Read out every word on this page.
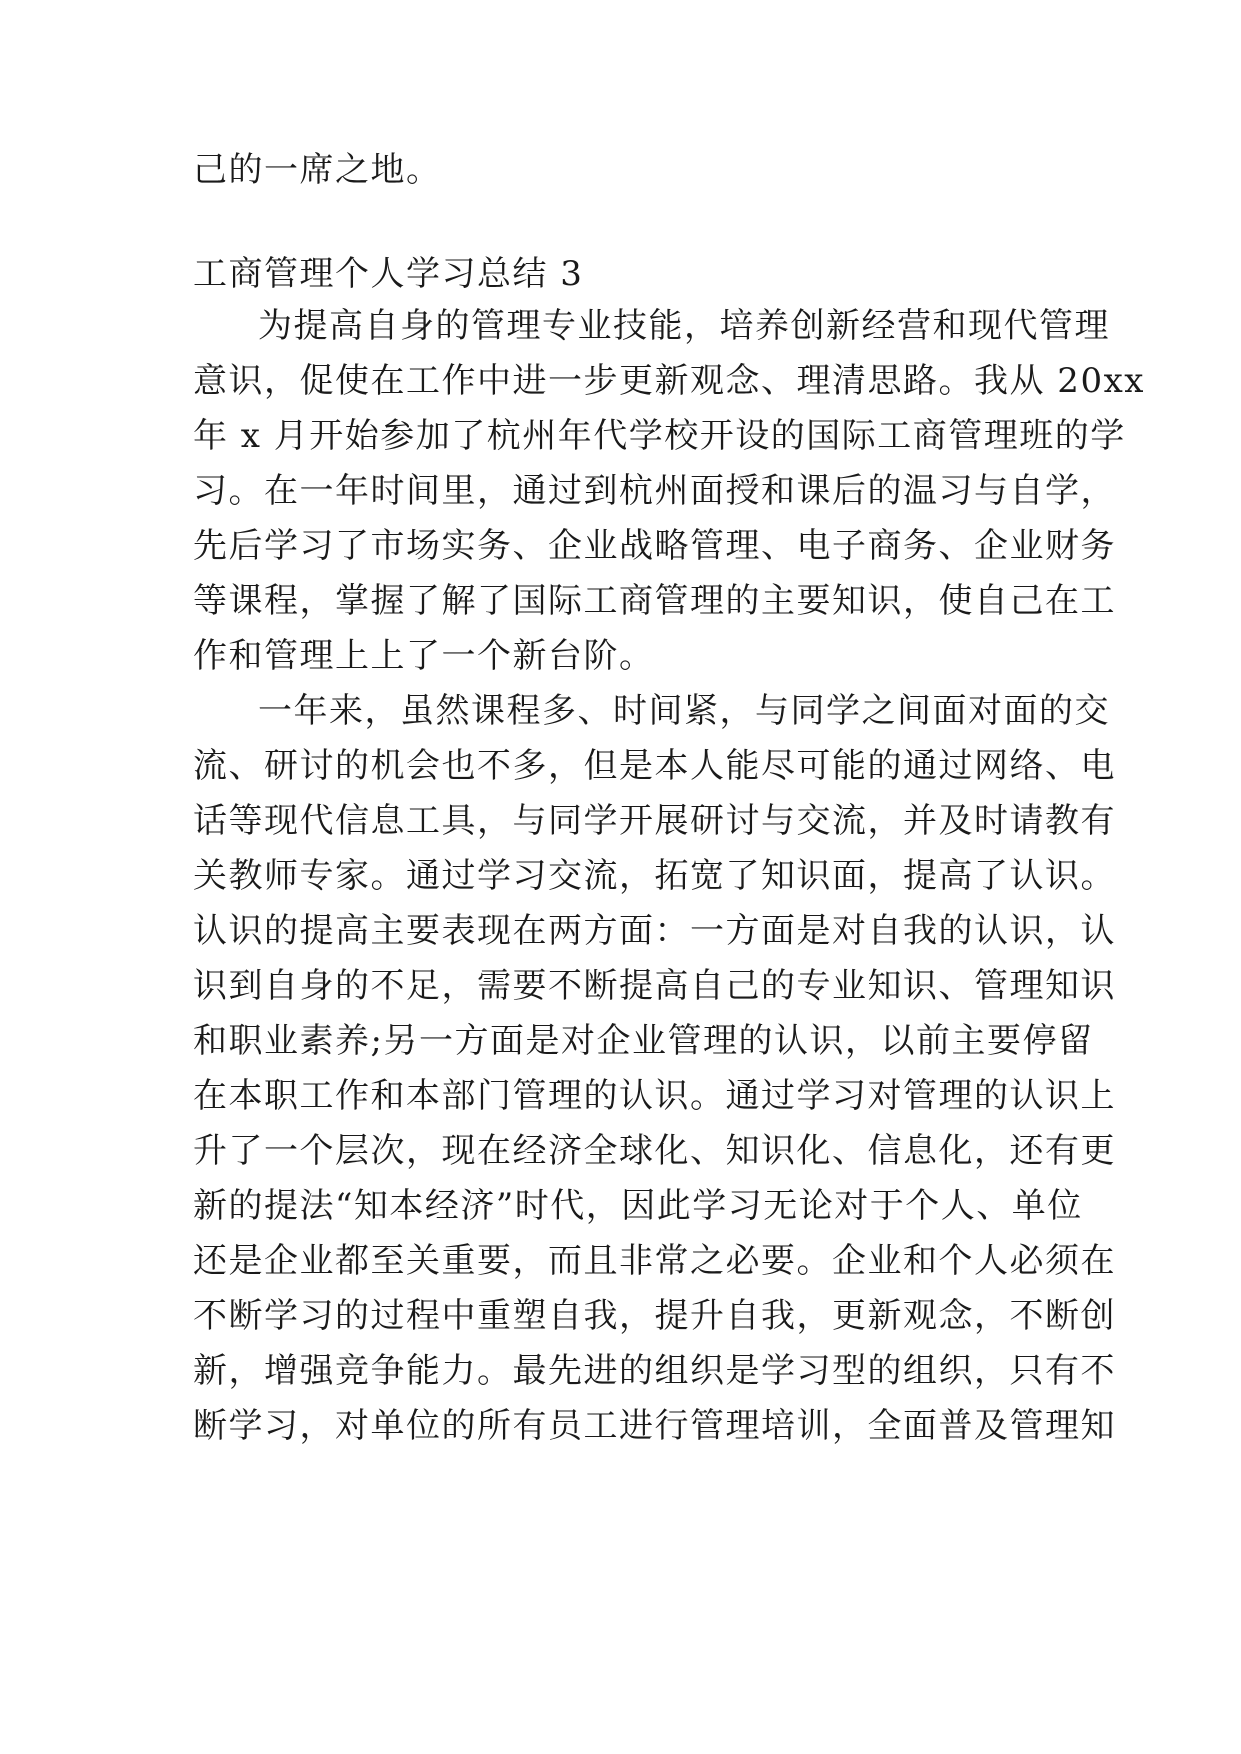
己的一席之地。
工商管理个人学习总结 3
为提高自身的管理专业技能，培养创新经营和现代管理
意识，促使在工作中进一步更新观念、理清思路。我从 20xx
年 x 月开始参加了杭州年代学校开设的国际工商管理班的学
习。在一年时间里，通过到杭州面授和课后的温习与自学，
先后学习了市场实务、企业战略管理、电子商务、企业财务
等课程，掌握了解了国际工商管理的主要知识，使自己在工
作和管理上上了一个新台阶。
一年来，虽然课程多、时间紧，与同学之间面对面的交
流、研讨的机会也不多，但是本人能尽可能的通过网络、电
话等现代信息工具，与同学开展研讨与交流，并及时请教有
关教师专家。通过学习交流，拓宽了知识面，提高了认识。
认识的提高主要表现在两方面：一方面是对自我的认识，认
识到自身的不足，需要不断提高自己的专业知识、管理知识
和职业素养;另一方面是对企业管理的认识，以前主要停留
在本职工作和本部门管理的认识。通过学习对管理的认识上
升了一个层次，现在经济全球化、知识化、信息化，还有更
新的提法“知本经济”时代，因此学习无论对于个人、单位
还是企业都至关重要，而且非常之必要。企业和个人必须在
不断学习的过程中重塑自我，提升自我，更新观念，不断创
新，增强竞争能力。最先进的组织是学习型的组织，只有不
断学习，对单位的所有员工进行管理培训，全面普及管理知
